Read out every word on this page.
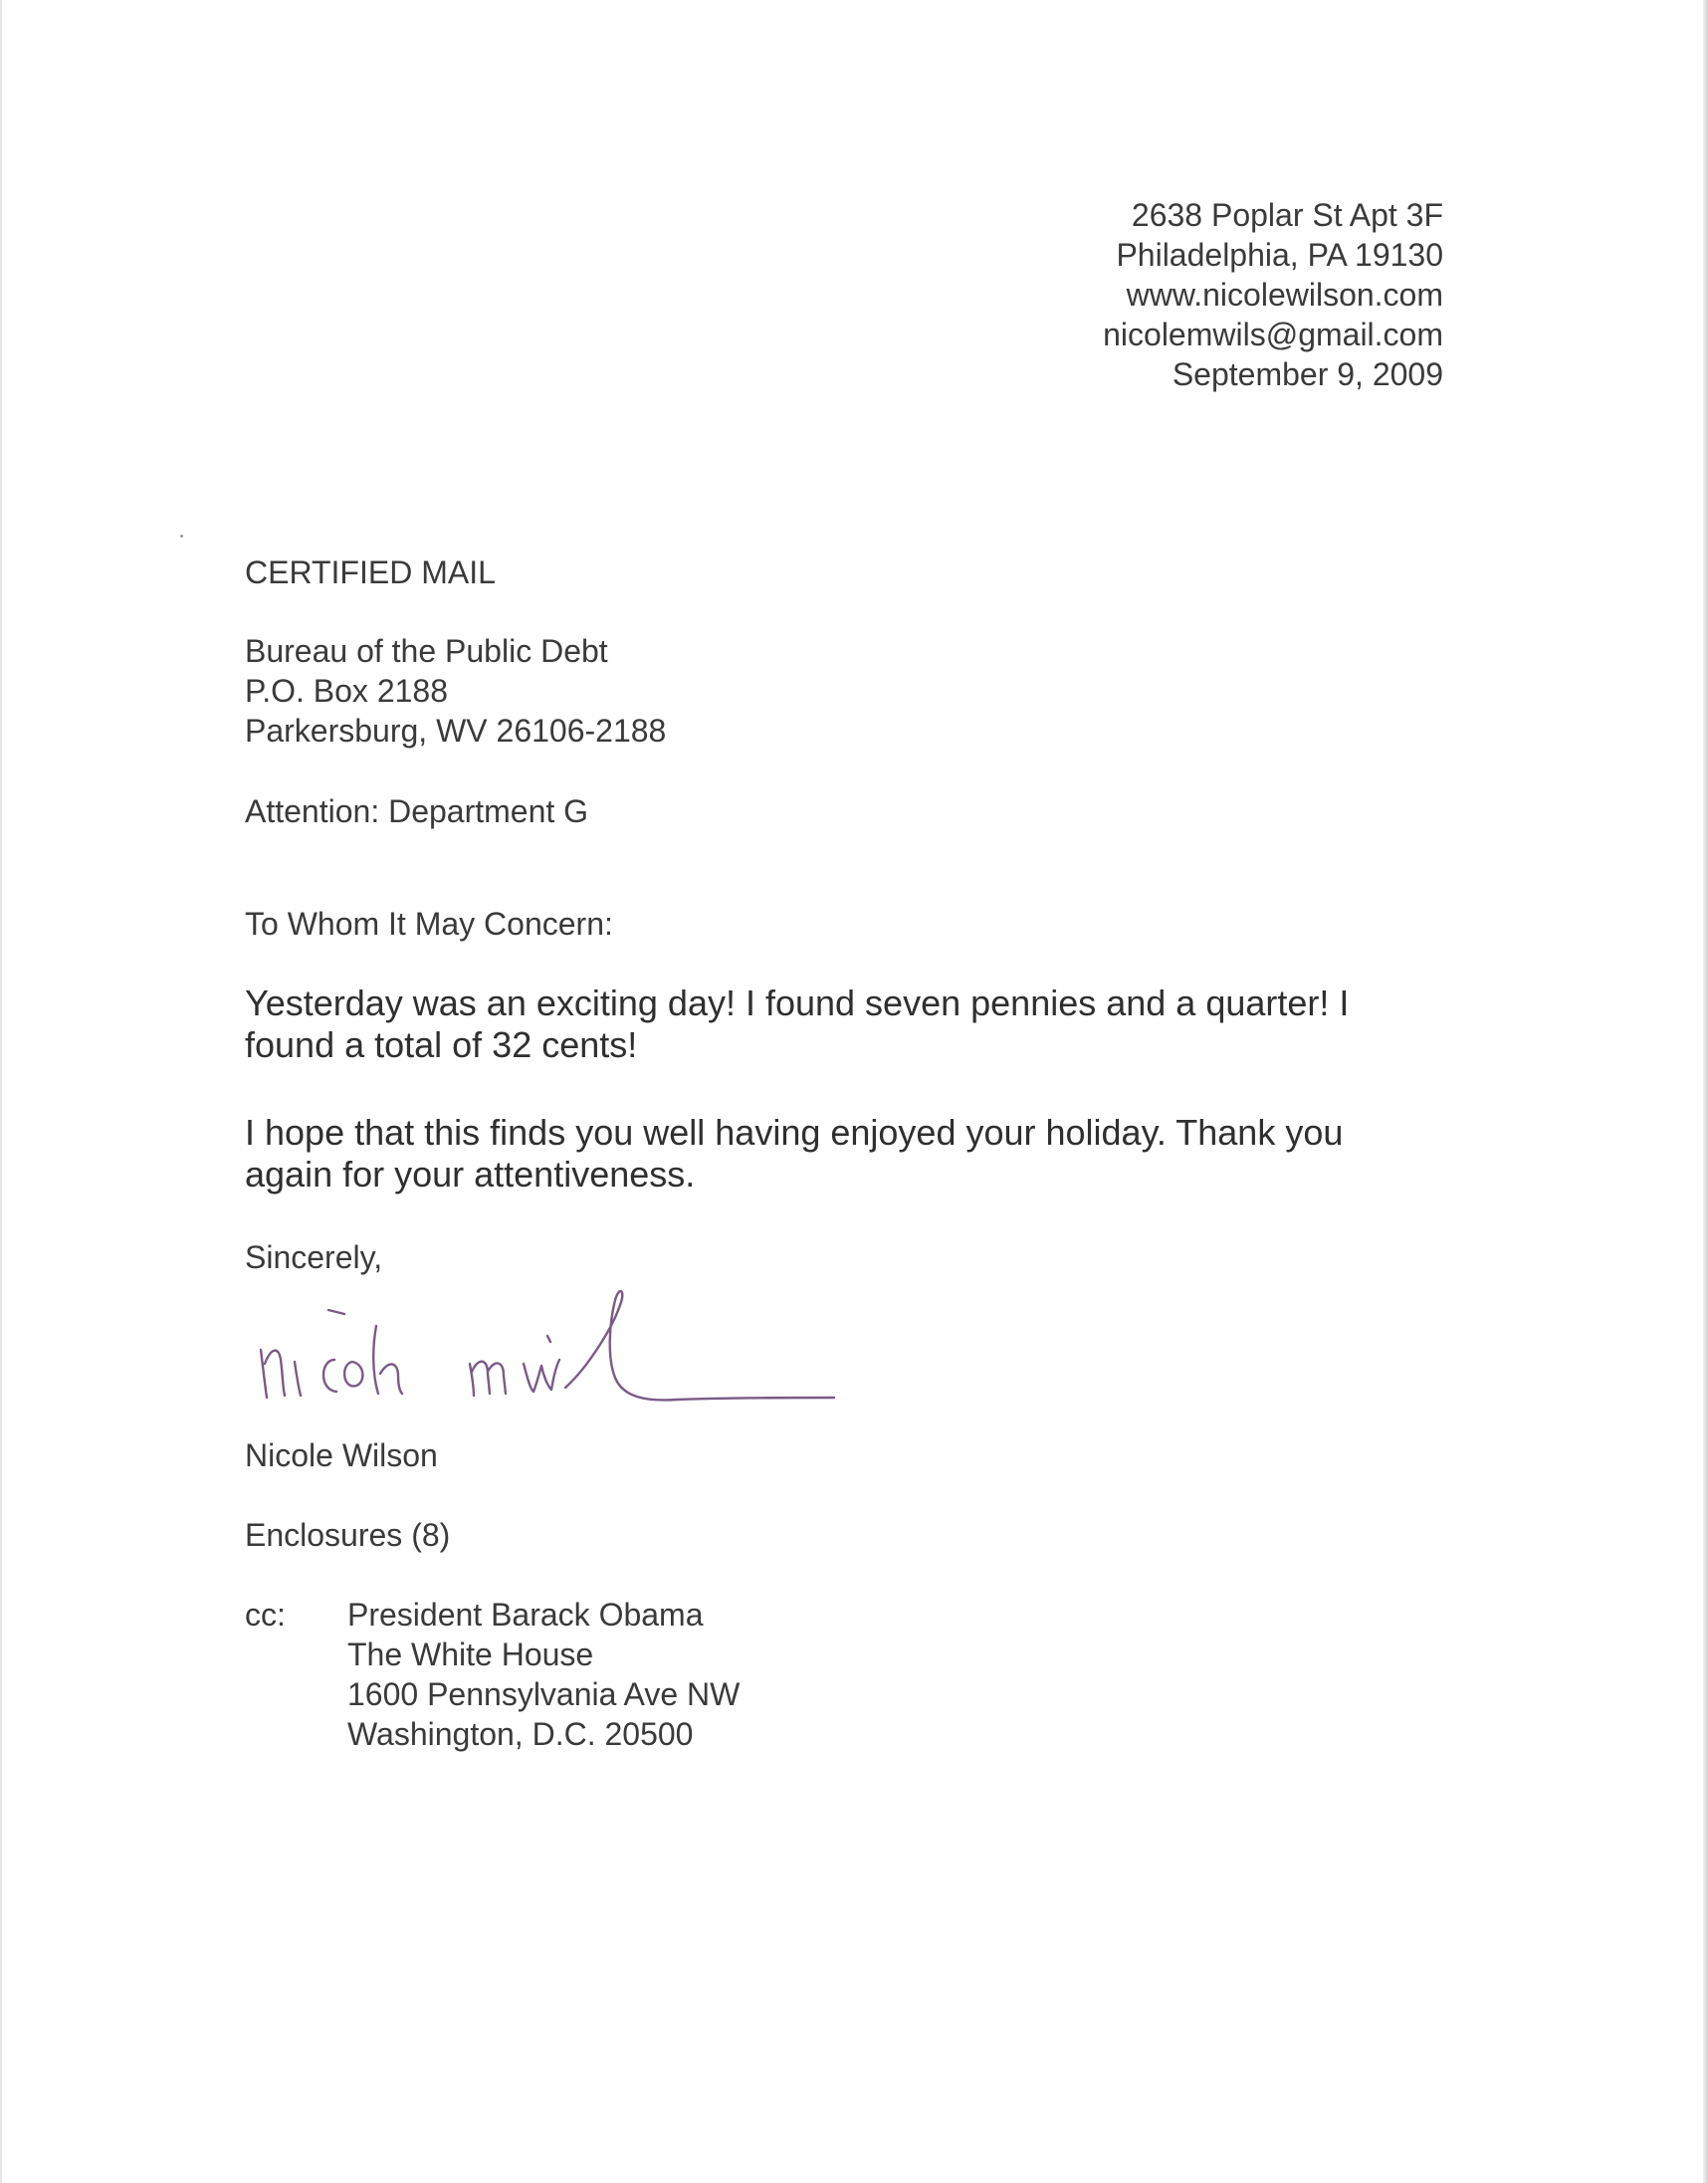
2638 Poplar St Apt 3F
Philadelphia, PA 19130
www.nicolewilson.com
nicolemwils@gmail.com
September 9, 2009
CERTIFIED MAIL
Bureau of the Public Debt
P.O. Box 2188
Parkersburg, WV 26106-2188
Attention: Department G
To Whom It May Concern:
Yesterday was an exciting day! I found seven pennies and a quarter! I
found a total of 32 cents!
I hope that this finds you well having enjoyed your holiday. Thank you
again for your attentiveness.
Sincerely,
Nicole Wilson
Enclosures (8)
cc: President Barack Obama
The White House
1600 Pennsylvania Ave NW
Washington, D.C. 20500
